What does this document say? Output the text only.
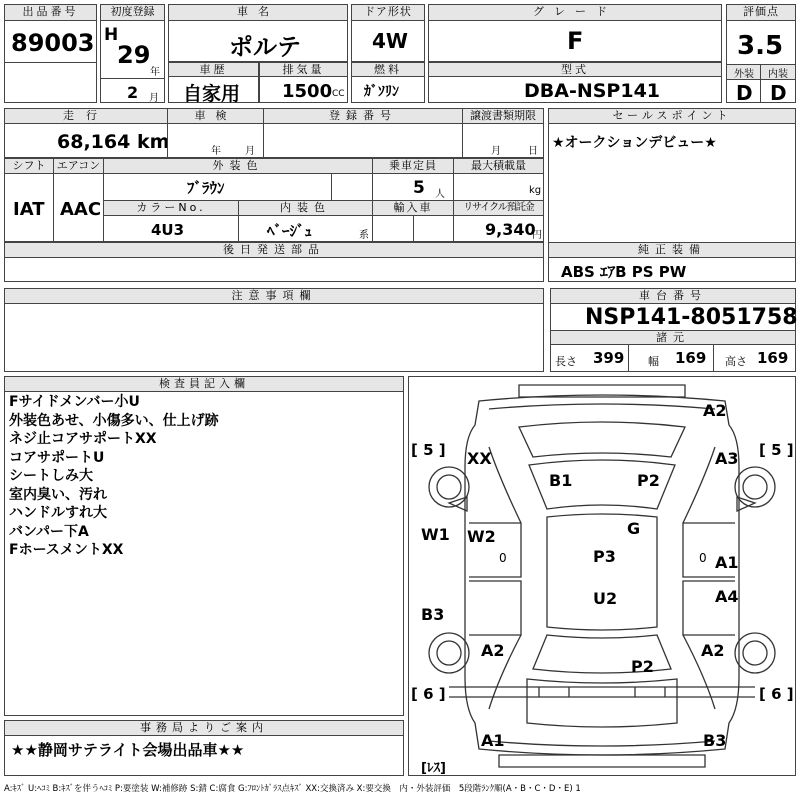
出品番号
89003
初度登録
H
29
年
2 月
車名
ポルテ
ドア形状
4W
グレード
F
評価点
3.5
外装	内装
D D
車歴
自家用
排気量
1500 CC
燃料
ｶﾞｿﾘﾝ
型式
DBA-NSP141
走行
68,164 km
車検
年 月
登録番号	譲渡書類期限
月	日
セールスポイント
★オークションデビュー★
シフト
IAT
エアコン
AAC
外装色
ﾌﾞﾗｳﾝ
乗車定員
5 人
最大積載量
kg
カラーNo.
4U3
内装色
ﾍﾞｰｼﾞｭ	系
輸入車	リサイクル預託金
9,340
円
後日発送部品	純正装備
ABS ｴｱB PS PW
注意事項欄	車台番号
NSP141-8051758
諸元
長さ 399 幅 169 高さ 169
検査員記入欄
Fサイドメンバー小U
外装色あせ、小傷多い、仕上げ跡
ネジ止コアサポートXX
コアサポートU
シートしみ大
室内臭い、汚れ
ハンドルすれ大
バンパー下A
FホースメントXX
[ 5 ]	[ 5 ]
[ 6 ]	[ 6 ]
[ﾚｽ]
A2
XX
B1	P2
A3
W1 W2	G
P3	A1
U2	A4
B3
A2
P2
A2
A1	B3
0	0
事務局よりご案内
★★静岡サテライト会場出品車★★
A:ｷｽﾞ U:ﾍｺﾐ B:ｷｽﾞを伴うﾍｺﾐ P:要塗装 W:補修跡 S:錆 C:腐食 G:ﾌﾛﾝﾄｶﾞﾗｽ点ｷｽﾞ XX:交換済み X:要交換　内・外装評価　5段階ﾗﾝｸ順(A・B・C・D・E) 1
